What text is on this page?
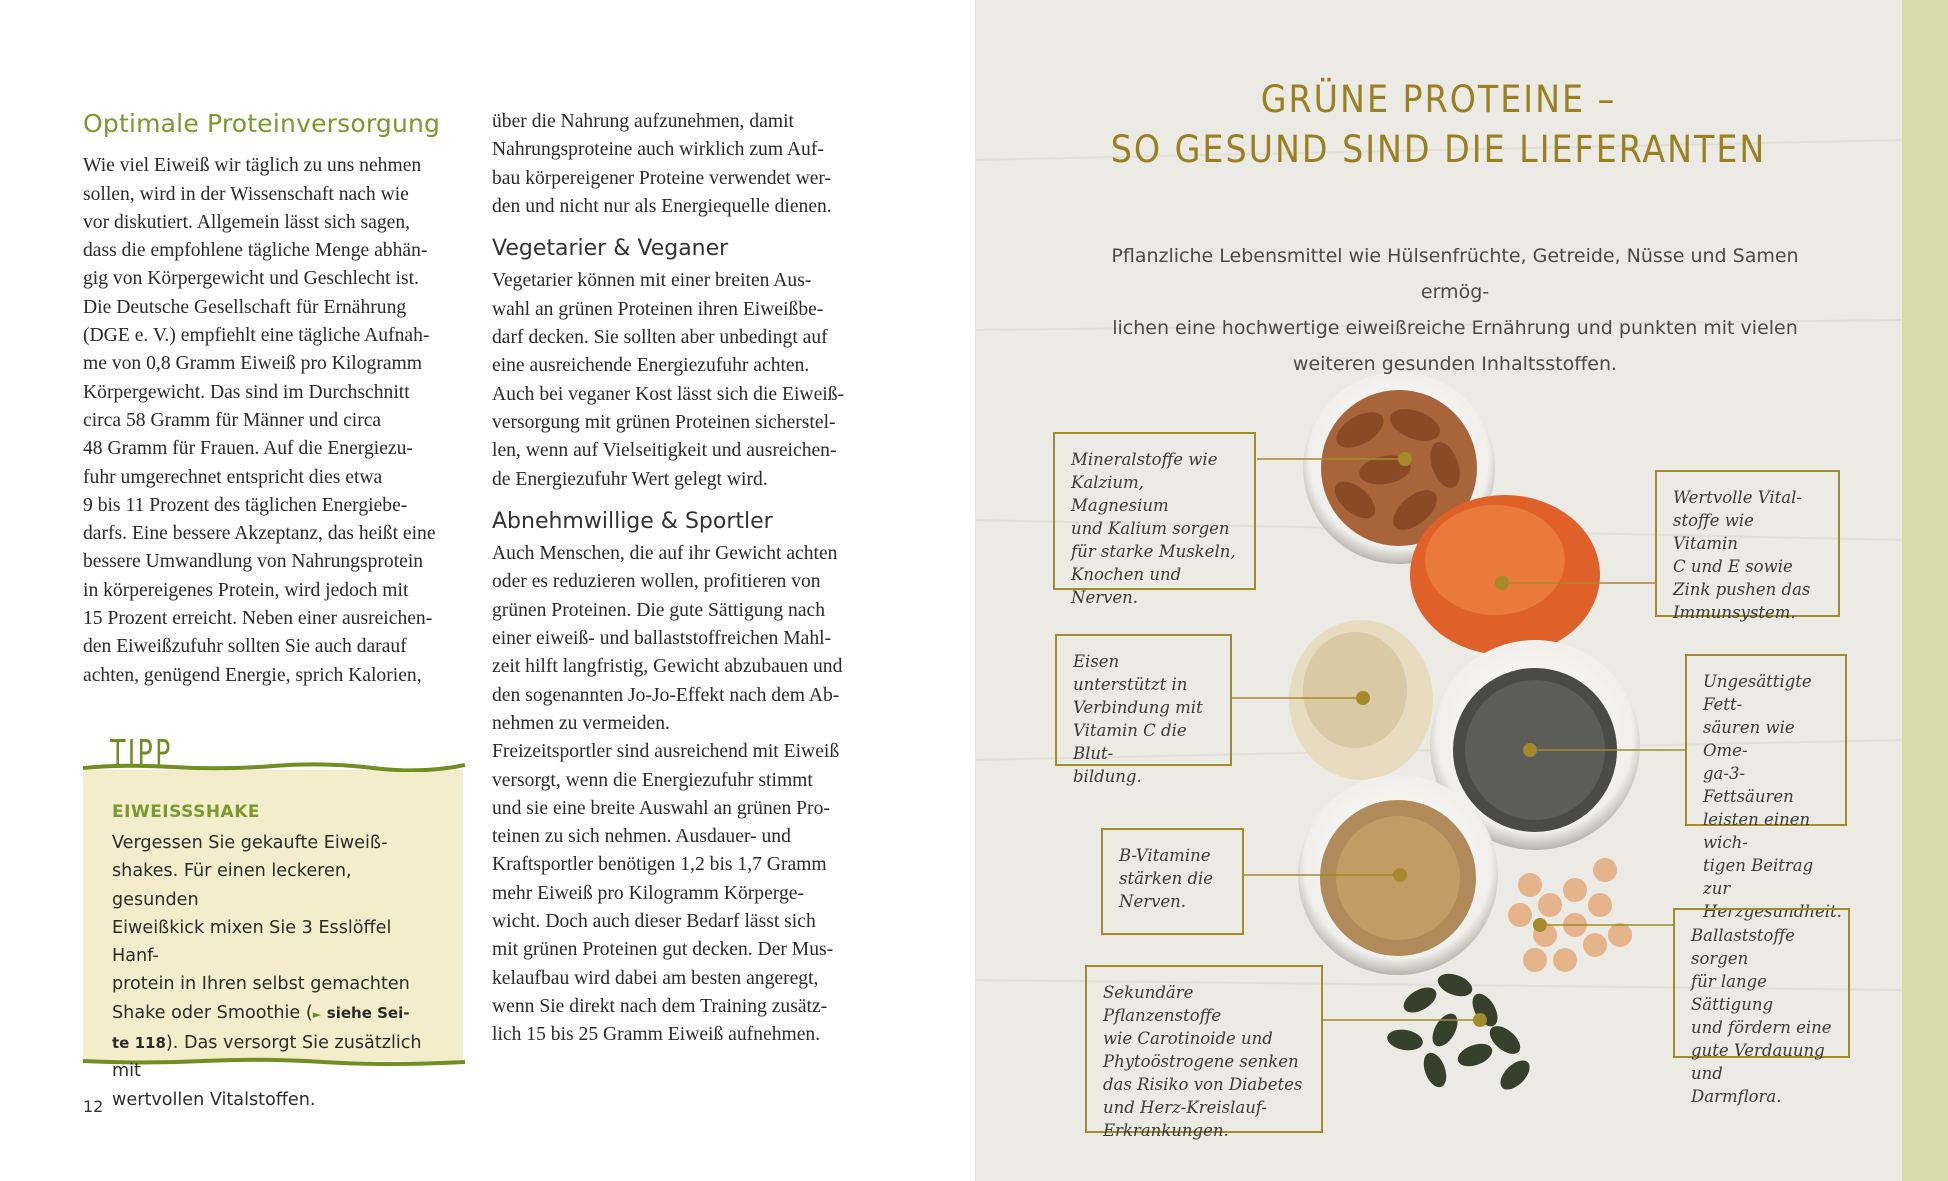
Optimale Proteinversorgung
Wie viel Eiweiß wir täglich zu uns nehmen
sollen, wird in der Wissenschaft nach wie
vor diskutiert. Allgemein lässt sich sagen,
dass die empfohlene tägliche Menge abhän-
gig von Körpergewicht und Geschlecht ist.
Die Deutsche Gesellschaft für Ernährung
(DGE e. V.) empfiehlt eine tägliche Aufnah-
me von 0,8 Gramm Eiweiß pro Kilogramm
Körpergewicht. Das sind im Durchschnitt
circa 58 Gramm für Männer und circa
48 Gramm für Frauen. Auf die Energiezu-
fuhr umgerechnet entspricht dies etwa
9 bis 11 Prozent des täglichen Energiebe-
darfs. Eine bessere Akzeptanz, das heißt eine
bessere Umwandlung von Nahrungsprotein
in körpereigenes Protein, wird jedoch mit
15 Prozent erreicht. Neben einer ausreichen-
den Eiweißzufuhr sollten Sie auch darauf
achten, genügend Energie, sprich Kalorien,
über die Nahrung aufzunehmen, damit
Nahrungsproteine auch wirklich zum Auf-
bau körpereigener Proteine verwendet wer-
den und nicht nur als Energiequelle dienen.
Vegetarier & Veganer
Vegetarier können mit einer breiten Aus-
wahl an grünen Proteinen ihren Eiweißbe-
darf decken. Sie sollten aber unbedingt auf
eine ausreichende Energiezufuhr achten.
Auch bei veganer Kost lässt sich die Eiweiß-
versorgung mit grünen Proteinen sicherstel-
len, wenn auf Vielseitigkeit und ausreichen-
de Energiezufuhr Wert gelegt wird.
Abnehmwillige & Sportler
Auch Menschen, die auf ihr Gewicht achten
oder es reduzieren wollen, profitieren von
grünen Proteinen. Die gute Sättigung nach
einer eiweiß- und ballaststoffreichen Mahl-
zeit hilft langfristig, Gewicht abzubauen und
den sogenannten Jo-Jo-Effekt nach dem Ab-
nehmen zu vermeiden.
Freizeitsportler sind ausreichend mit Eiweiß
versorgt, wenn die Energiezufuhr stimmt
und sie eine breite Auswahl an grünen Pro-
teinen zu sich nehmen. Ausdauer- und
Kraftsportler benötigen 1,2 bis 1,7 Gramm
mehr Eiweiß pro Kilogramm Körperge-
wicht. Doch auch dieser Bedarf lässt sich
mit grünen Proteinen gut decken. Der Mus-
kelaufbau wird dabei am besten angeregt,
wenn Sie direkt nach dem Training zusätz-
lich 15 bis 25 Gramm Eiweiß aufnehmen.
TIPP
EIWEISSSHAKE
Vergessen Sie gekaufte Eiweiß-
shakes. Für einen leckeren, gesunden
Eiweißkick mixen Sie 3 Esslöffel Hanf-
protein in Ihren selbst gemachten
Shake oder Smoothie (► siehe Sei-
te 118). Das versorgt Sie zusätzlich mit
wertvollen Vitalstoffen.
12
GRÜNE PROTEINE –
SO GESUND SIND DIE LIEFERANTEN
Pflanzliche Lebensmittel wie Hülsenfrüchte, Getreide, Nüsse und Samen ermög-
lichen eine hochwertige eiweißreiche Ernährung und punkten mit vielen
weiteren gesunden Inhaltsstoffen.
Mineralstoffe wie
Kalzium, Magnesium
und Kalium sorgen
für starke Muskeln,
Knochen und Nerven.
Eisen unterstützt in
Verbindung mit
Vitamin C die Blut-
bildung.
B-Vitamine
stärken die
Nerven.
Sekundäre Pflanzenstoffe
wie Carotinoide und
Phytoöstrogene senken
das Risiko von Diabetes
und Herz-Kreislauf-
Erkrankungen.
Wertvolle Vital-
stoffe wie Vitamin
C und E sowie
Zink pushen das
Immunsystem.
Ungesättigte Fett-
säuren wie Ome-
ga-3-Fettsäuren
leisten einen wich-
tigen Beitrag zur
Herzgesundheit.
Ballaststoffe sorgen
für lange Sättigung
und fördern eine
gute Verdauung und
Darmflora.
